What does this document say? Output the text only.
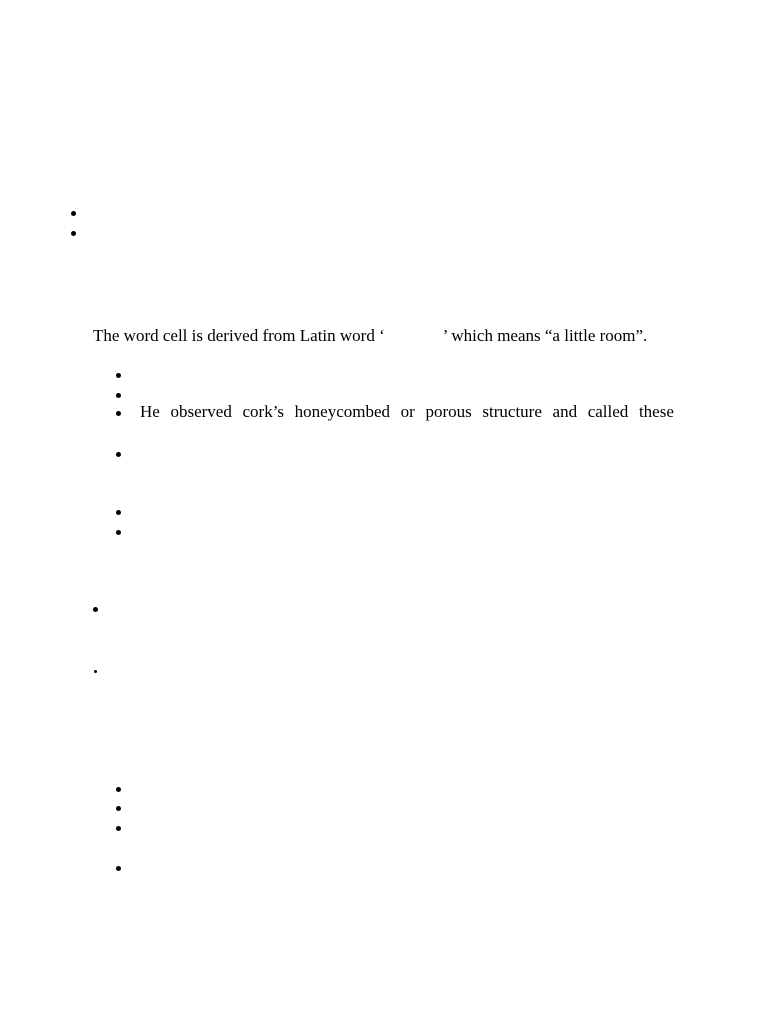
The word cell is derived from Latin word ‘	’ which means “a little room”.
He observed cork’s honeycombed or porous structure and called these
